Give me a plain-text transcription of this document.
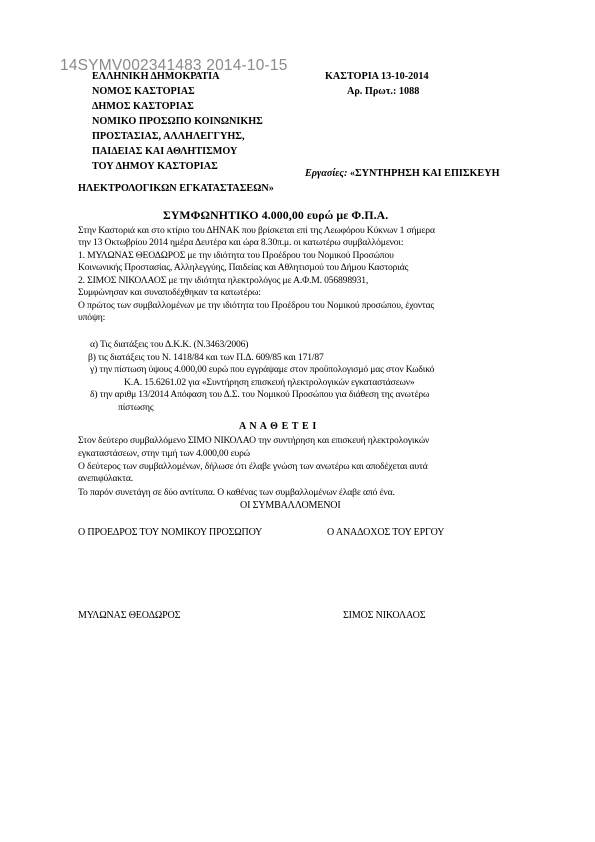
14SYMV002341483 2014-10-15
ΕΛΛΗΝΙΚΗ ΔΗΜΟΚΡΑΤΙΑ
ΝΟΜΟΣ ΚΑΣΤΟΡΙΑΣ
ΔΗΜΟΣ ΚΑΣΤΟΡΙΑΣ
ΝΟΜΙΚΟ ΠΡΟΣΩΠΟ ΚΟΙΝΩΝΙΚΗΣ
ΠΡΟΣΤΑΣΙΑΣ, ΑΛΛΗΛΕΓΓΥΗΣ,
ΠΑΙΔΕΙΑΣ ΚΑΙ ΑΘΛΗΤΙΣΜΟΥ
ΤΟΥ ΔΗΜΟΥ ΚΑΣΤΟΡΙΑΣ
ΚΑΣΤΟΡΙΑ 13-10-2014
Αρ. Πρωτ.: 1088
Εργασίες: «ΣΥΝΤΗΡΗΣΗ ΚΑΙ ΕΠΙΣΚΕΥΗ
ΗΛΕΚΤΡΟΛΟΓΙΚΩΝ ΕΓΚΑΤΑΣΤΑΣΕΩΝ»
ΣΥΜΦΩΝΗΤΙΚΟ 4.000,00 ευρώ με Φ.Π.Α.
Στην Καστοριά και στο κτίριο του ΔΗΝΑΚ που βρίσκεται επί της Λεωφόρου Κύκνων 1 σήμερα
την 13 Οκτωβρίου 2014 ημέρα Δευτέρα και ώρα 8.30π.μ. οι κατωτέρω συμβαλλόμενοι:
1. ΜΥΛΩΝΑΣ ΘΕΟΔΩΡΟΣ με την ιδιότητα του Προέδρου του Νομικού Προσώπου
Κοινωνικής Προστασίας, Αλληλεγγύης, Παιδείας και Αθλητισμού του Δήμου Καστοριάς
2. ΣΙΜΟΣ ΝΙΚΟΛΑΟΣ με την ιδιότητα ηλεκτρολόγος με Α.Φ.Μ. 056898931,
Συμφώνησαν και συναποδέχθηκαν τα κατωτέρω:
Ο πρώτος των συμβαλλομένων με την ιδιότητα του Προέδρου του Νομικού προσώπου, έχοντας
υπόψη:
α) Τις διατάξεις του Δ.Κ.Κ. (Ν.3463/2006)
β) τις διατάξεις του Ν. 1418/84 και των Π.Δ. 609/85 και 171/87
γ) την πίστωση ύψους 4.000,00 ευρώ που εγγράψαμε στον προϋπολογισμό μας στον Κωδικό
Κ.Α. 15.6261.02 για «Συντήρηση επισκευή ηλεκτρολογικών εγκαταστάσεων»
δ) την αριθμ 13/2014 Απόφαση του Δ.Σ. του Νομικού Προσώπου για διάθεση της ανωτέρω
πίστωσης
Α Ν Α Θ Ε Τ Ε Ι
Στον δεύτερο συμβαλλόμενο ΣΙΜΟ ΝΙΚΟΛΑΟ την συντήρηση και επισκευή ηλεκτρολογικών
εγκαταστάσεων, στην τιμή των 4.000,00 ευρώ
Ο δεύτερος των συμβαλλομένων, δήλωσε ότι έλαβε γνώση των ανωτέρω και αποδέχεται αυτά
ανεπιφύλακτα.
Το παρόν συνετάγη σε δύο αντίτυπα. Ο καθένας των συμβαλλομένων έλαβε από ένα.
ΟΙ ΣΥΜΒΑΛΛΟΜΕΝΟΙ
Ο ΠΡΟΕΔΡΟΣ ΤΟΥ ΝΟΜΙΚΟΥ ΠΡΟΣΩΠΟΥ	Ο ΑΝΑΔΟΧΟΣ ΤΟΥ ΕΡΓΟΥ
ΜΥΛΩΝΑΣ ΘΕΟΔΩΡΟΣ	ΣΙΜΟΣ ΝΙΚΟΛΑΟΣ
